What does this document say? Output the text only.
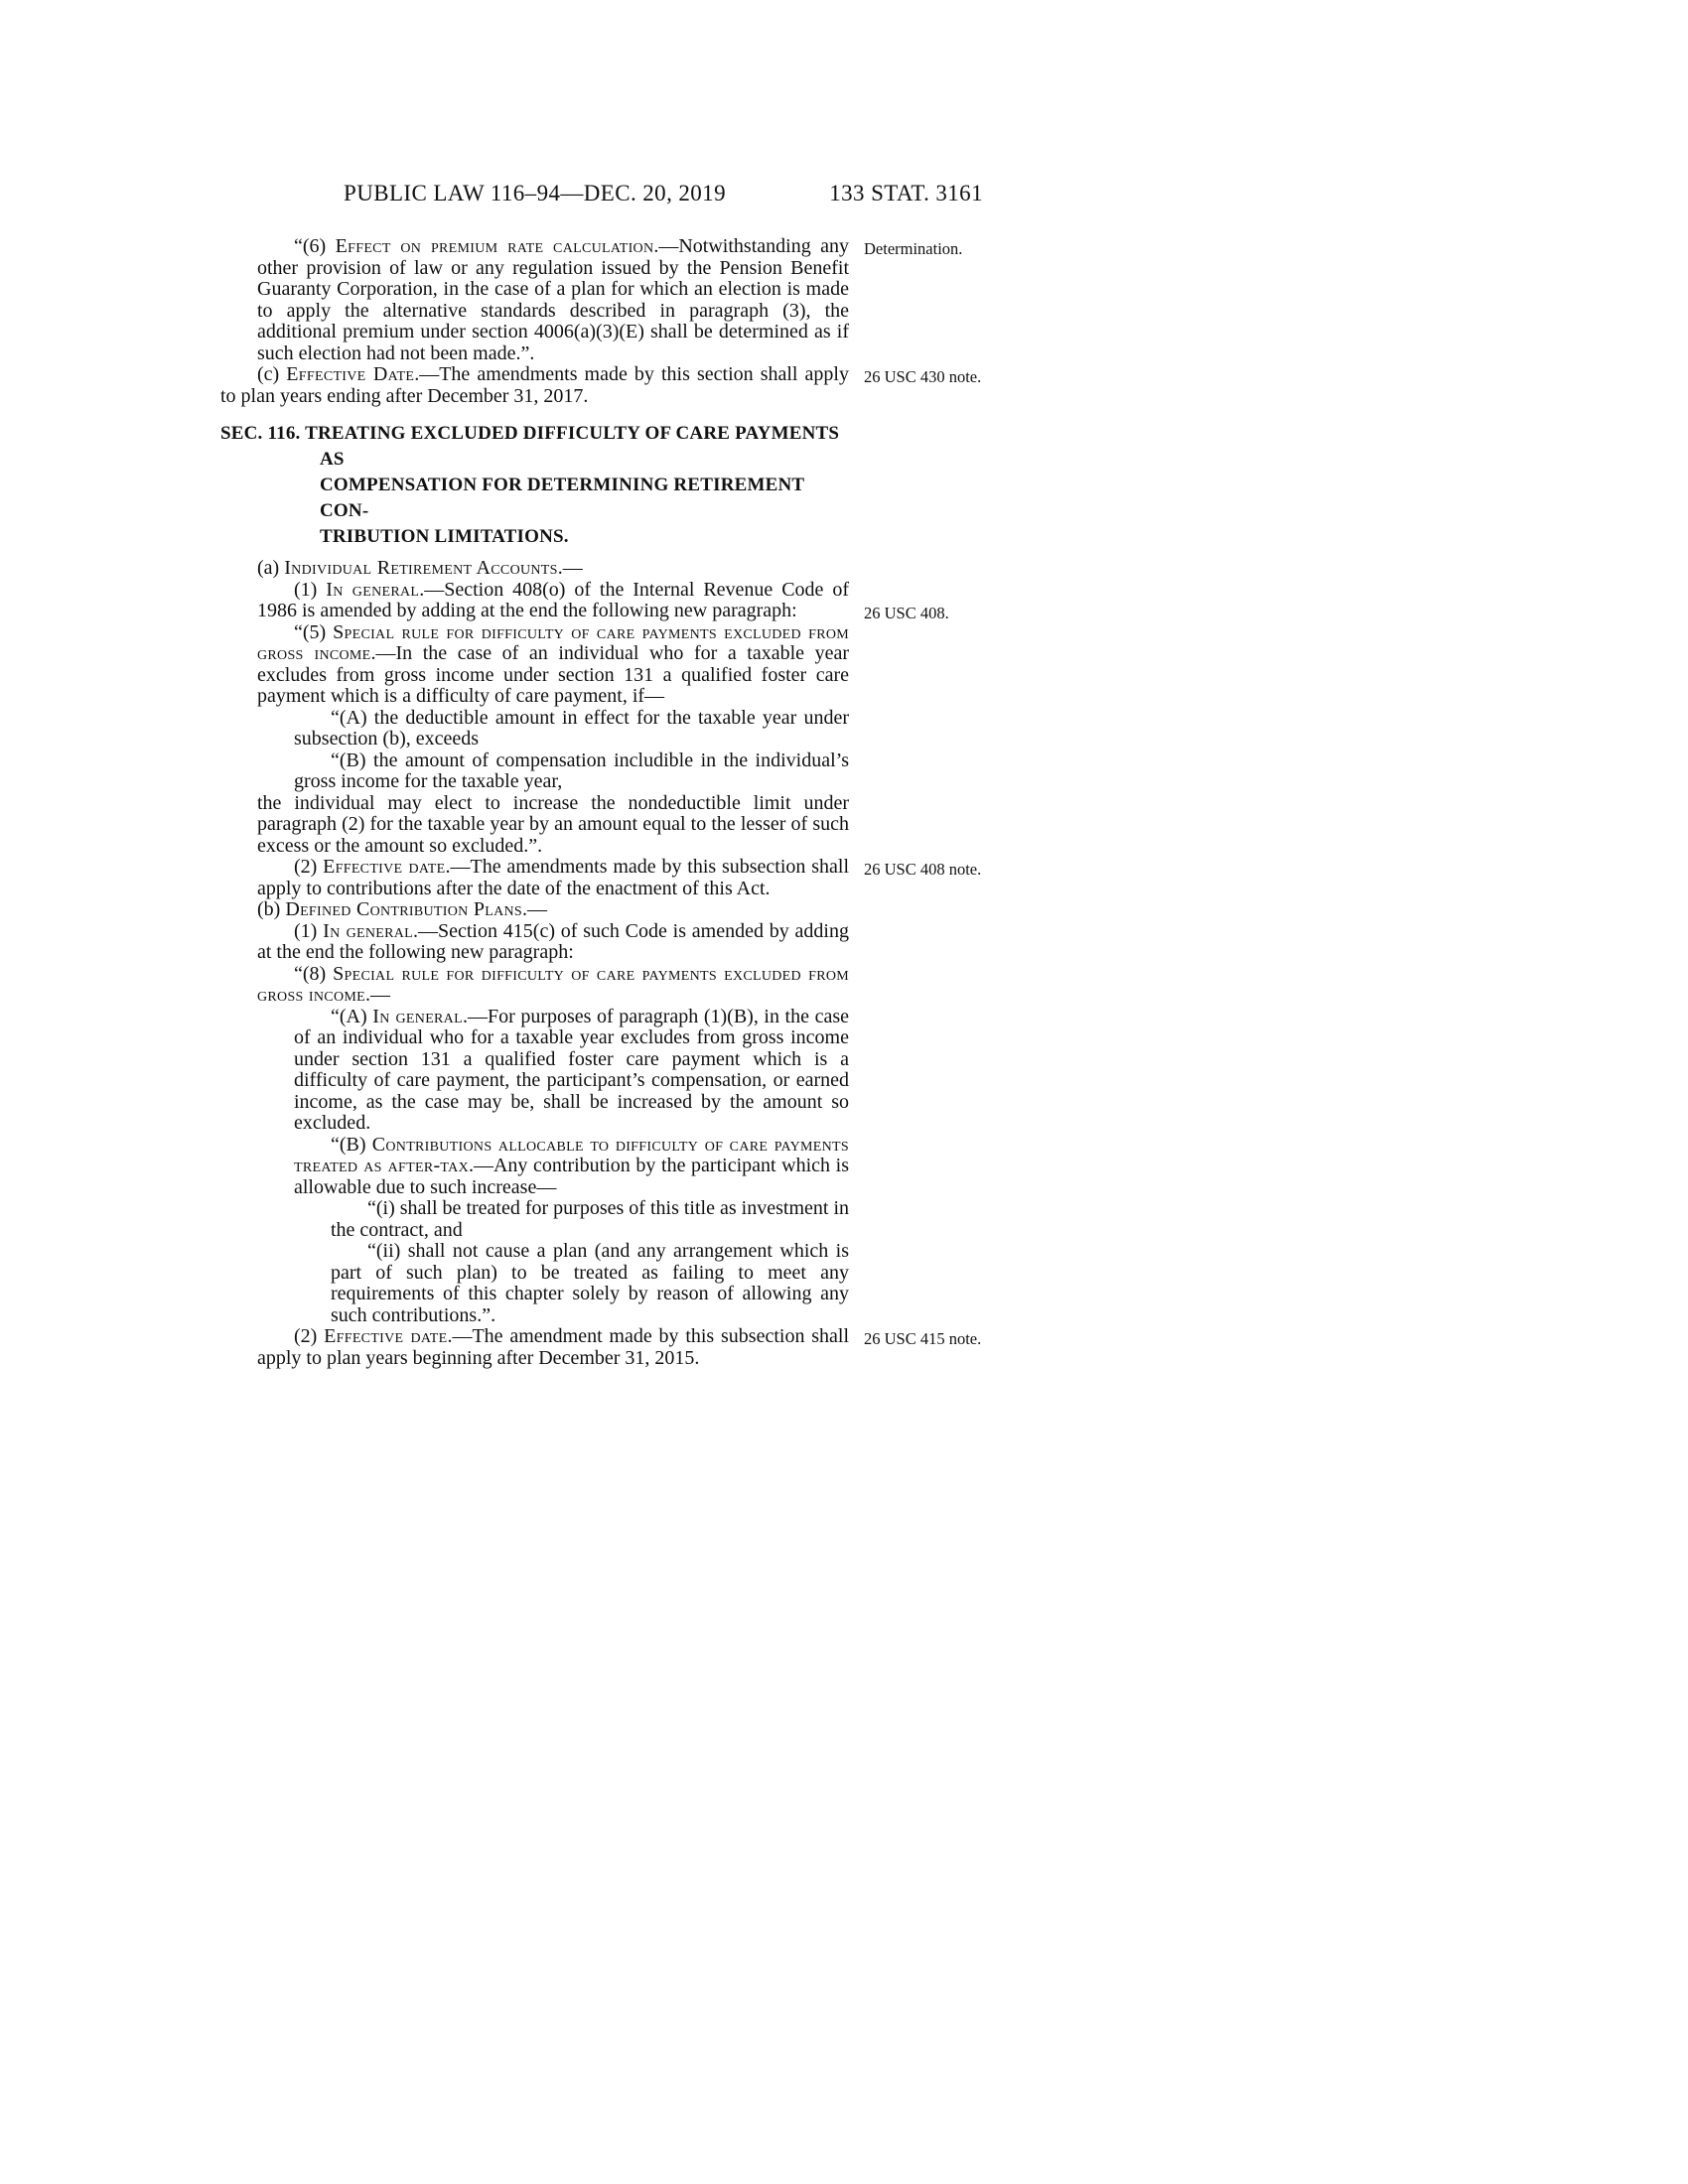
PUBLIC LAW 116–94—DEC. 20, 2019	133 STAT. 3161

“(6) Effect on premium rate calculation.—Notwithstanding any other provision of law or any regulation issued by the Pension Benefit Guaranty Corporation, in the case of a plan for which an election is made to apply the alternative standards described in paragraph (3), the additional premium under section 4006(a)(3)(E) shall be determined as if such election had not been made.”.
Determination.

(c) Effective Date.—The amendments made by this section shall apply to plan years ending after December 31, 2017.
26 USC 430 note.

SEC. 116. TREATING EXCLUDED DIFFICULTY OF CARE PAYMENTS AS
COMPENSATION FOR DETERMINING RETIREMENT CON-
TRIBUTION LIMITATIONS.

(a) Individual Retirement Accounts.—

(1) In general.—Section 408(o) of the Internal Revenue Code of 1986 is amended by adding at the end the following new paragraph:	26 USC 408.

“(5) Special rule for difficulty of care payments excluded from gross income.—In the case of an individual who for a taxable year excludes from gross income under section 131 a qualified foster care payment which is a difficulty of care payment, if—

“(A) the deductible amount in effect for the taxable year under subsection (b), exceeds

“(B) the amount of compensation includible in the individual’s gross income for the taxable year,

the individual may elect to increase the nondeductible limit under paragraph (2) for the taxable year by an amount equal to the lesser of such excess or the amount so excluded.”.

(2) Effective date.—The amendments made by this subsection shall apply to contributions after the date of the enactment of this Act.
26 USC 408 note.

(b) Defined Contribution Plans.—

(1) In general.—Section 415(c) of such Code is amended by adding at the end the following new paragraph:

“(8) Special rule for difficulty of care payments excluded from gross income.—

“(A) In general.—For purposes of paragraph (1)(B), in the case of an individual who for a taxable year excludes from gross income under section 131 a qualified foster care payment which is a difficulty of care payment, the participant’s compensation, or earned income, as the case may be, shall be increased by the amount so excluded.

“(B) Contributions allocable to difficulty of care payments treated as after-tax.—Any contribution by the participant which is allowable due to such increase—

“(i) shall be treated for purposes of this title as investment in the contract, and

“(ii) shall not cause a plan (and any arrangement which is part of such plan) to be treated as failing to meet any requirements of this chapter solely by reason of allowing any such contributions.”.

(2) Effective date.—The amendment made by this subsection shall apply to plan years beginning after December 31, 2015.
26 USC 415 note.
